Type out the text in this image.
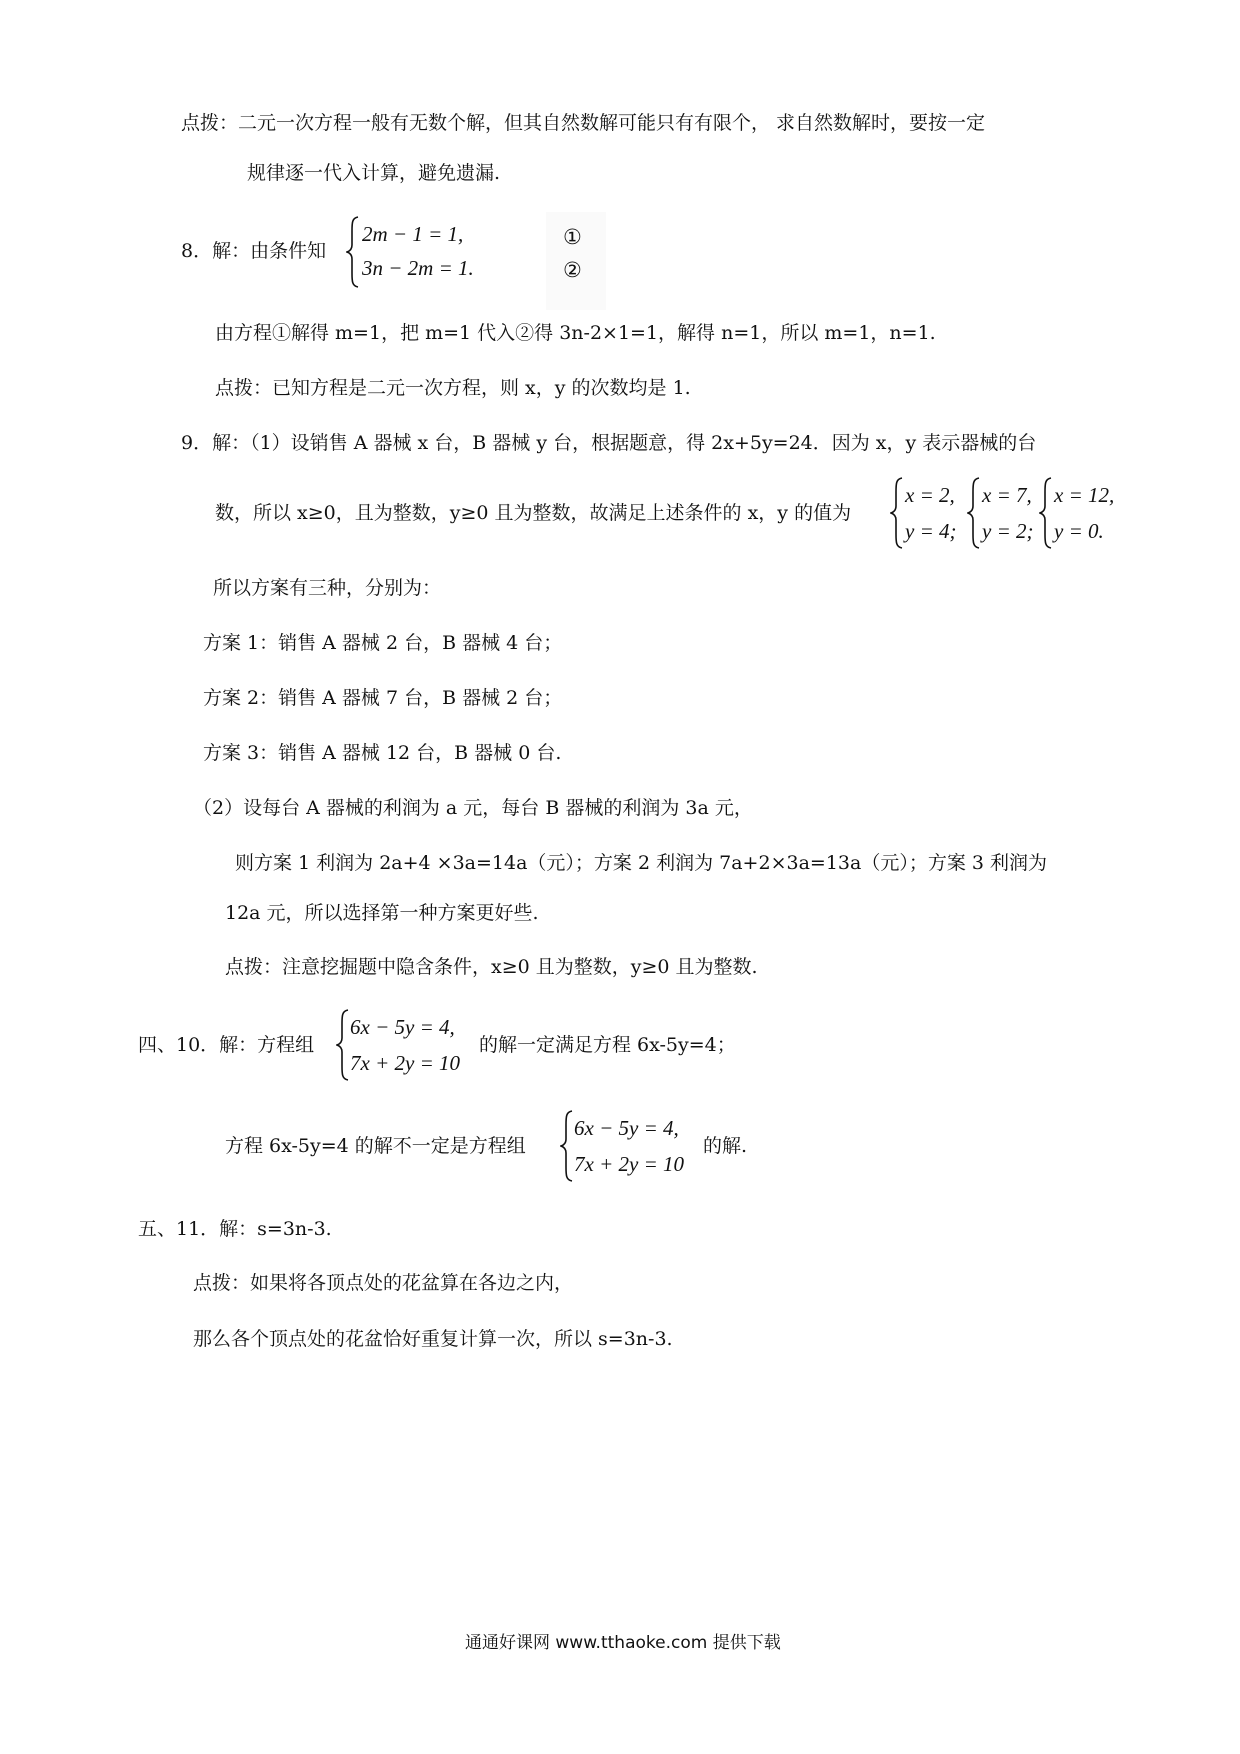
点拨：二元一次方程一般有无数个解，但其自然数解可能只有有限个， 求自然数解时，要按一定
规律逐一代入计算，避免遗漏.
8．解：由条件知
2m − 1 = 1,
3n − 2m = 1.
①
②
由方程①解得 m=1，把 m=1 代入②得 3n-2×1=1，解得 n=1，所以 m=1，n=1.
点拨：已知方程是二元一次方程，则 x，y 的次数均是 1.
9．解：（1）设销售 A 器械 x 台，B 器械 y 台，根据题意，得 2x+5y=24．因为 x，y 表示器械的台
数，所以 x≥0，且为整数，y≥0 且为整数，故满足上述条件的 x，y 的值为
x = 2,
y = 4;
x = 7,
y = 2;
x = 12,
y = 0.
所以方案有三种，分别为：
方案 1：销售 A 器械 2 台，B 器械 4 台；
方案 2：销售 A 器械 7 台，B 器械 2 台；
方案 3：销售 A 器械 12 台，B 器械 0 台.
（2）设每台 A 器械的利润为 a 元，每台 B 器械的利润为 3a 元，
则方案 1 利润为 2a+4 ×3a=14a（元）；方案 2 利润为 7a+2×3a=13a（元）；方案 3 利润为
12a 元，所以选择第一种方案更好些.
点拨：注意挖掘题中隐含条件，x≥0 且为整数，y≥0 且为整数.
四、10．解：方程组
6x − 5y = 4,
7x + 2y = 10
的解一定满足方程 6x-5y=4；
方程 6x-5y=4 的解不一定是方程组
6x − 5y = 4,
7x + 2y = 10
的解.
五、11．解：s=3n-3.
点拨：如果将各顶点处的花盆算在各边之内，
那么各个顶点处的花盆恰好重复计算一次，所以 s=3n-3.
通通好课网 www.tthaoke.com 提供下载
